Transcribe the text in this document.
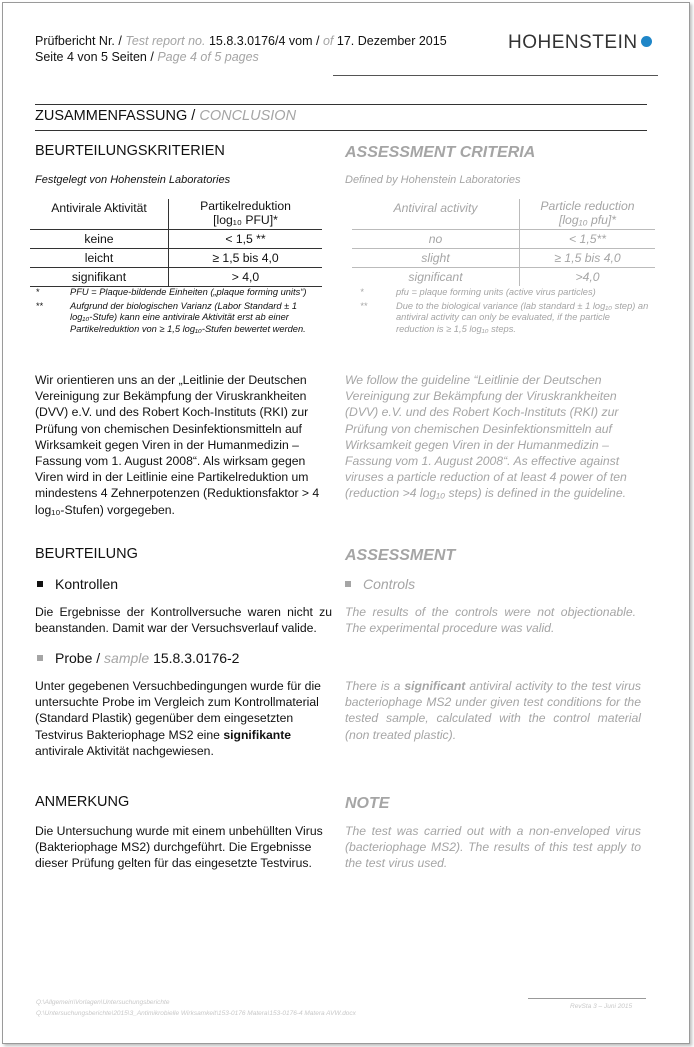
Prüfbericht Nr. / Test report no. 15.8.3.0176/4 vom / of 17. Dezember 2015
Seite 4 von 5 Seiten / Page 4 of 5 pages
HOHENSTEIN
ZUSAMMENFASSUNG / CONCLUSION
BEURTEILUNGSKRITERIEN	ASSESSMENT CRITERIA
Festgelegt von Hohenstein Laboratories	Defined by Hohenstein Laboratories
Antivirale Aktivität	Partikelreduktion
[log₁₀ PFU]*

keine	< 1,5 **
leicht	≥ 1,5 bis 4,0
signifikant	> 4,0
Antiviral activity	Particle reduction
[log₁₀ pfu]*

no	< 1,5**
slight	≥ 1,5 bis 4,0
significant	>4,0
*	PFU = Plaque-bildende Einheiten („plaque forming units“)
**	Aufgrund der biologischen Varianz (Labor Standard ± 1 log₁₀-Stufe) kann eine antivirale Aktivität erst ab einer Partikelreduktion von ≥ 1,5 log₁₀-Stufen bewertet werden.
*	pfu = plaque forming units (active virus particles)
**	Due to the biological variance (lab standard ± 1 log₁₀ step) an antiviral activity can only be evaluated, if the particle reduction is ≥ 1,5 log₁₀ steps.
Wir orientieren uns an der „Leitlinie der Deutschen Vereinigung zur Bekämpfung der Viruskrankheiten (DVV) e.V. und des Robert Koch-Instituts (RKI) zur Prüfung von chemischen Desinfektionsmitteln auf Wirksamkeit gegen Viren in der Humanmedizin – Fassung vom 1. August 2008“. Als wirksam gegen Viren wird in der Leitlinie eine Partikelreduktion um mindestens 4 Zehnerpotenzen (Reduktionsfaktor > 4 log₁₀-Stufen) vorgegeben.
We follow the guideline “Leitlinie der Deutschen Vereinigung zur Bekämpfung der Viruskrankheiten (DVV) e.V. und des Robert Koch-Instituts (RKI) zur Prüfung von chemischen Desinfektionsmitteln auf Wirksamkeit gegen Viren in der Humanmedizin – Fassung vom 1. August 2008“. As effective against viruses a particle reduction of at least 4 power of ten (reduction >4 log₁₀ steps) is defined in the guideline.
BEURTEILUNG	ASSESSMENT
Kontrollen	Controls
Die Ergebnisse der Kontrollversuche waren nicht zu beanstanden. Damit war der Versuchsverlauf valide.
The results of the controls were not objectionable. The experimental procedure was valid.
Probe / sample 15.8.3.0176-2
Unter gegebenen Versuchbedingungen wurde für die untersuchte Probe im Vergleich zum Kontrollmaterial (Standard Plastik) gegenüber dem eingesetzten Testvirus Bakteriophage MS2 eine signifikante antivirale Aktivität nachgewiesen.
There is a significant antiviral activity to the test virus bacteriophage MS2 under given test conditions for the tested sample, calculated with the control material (non treated plastic).
ANMERKUNG	NOTE
Die Untersuchung wurde mit einem unbehüllten Virus (Bakteriophage MS2) durchgeführt. Die Ergebnisse dieser Prüfung gelten für das eingesetzte Testvirus.
The test was carried out with a non-enveloped virus (bacteriophage MS2). The results of this test apply to the test virus used.
Q:\Allgemein\Vorlagen\Untersuchungsberichte
Q:\Untersuchungsberichte\2015\3_Antimikrobielle Wirksamkeit\153-0176 Matera\153-0176-4 Matera AVW.docx
RevSta 3 – Juni 2015
